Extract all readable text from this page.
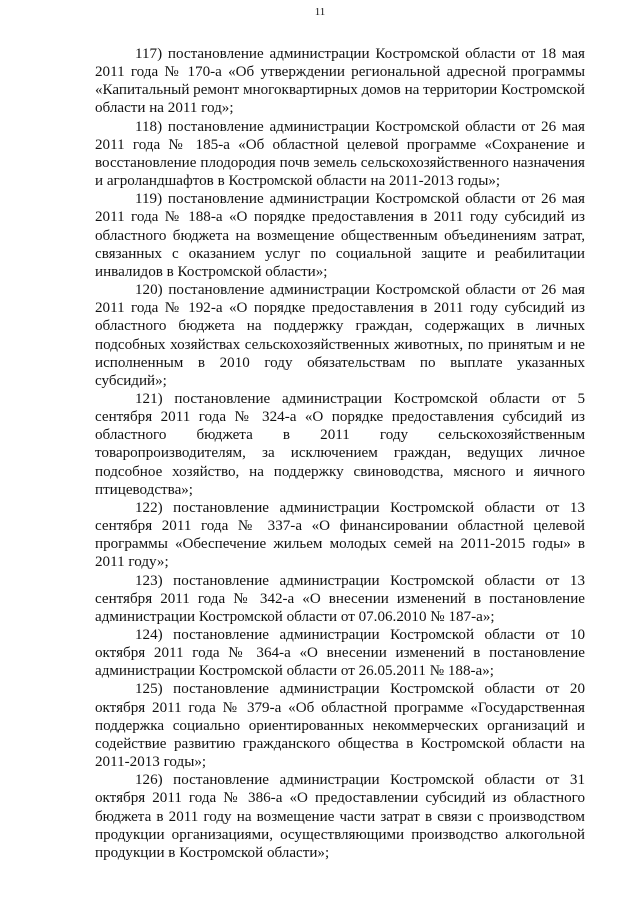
11

117) постановление администрации Костромской области от 18 мая 2011 года № 170-а «Об утверждении региональной адресной программы «Капитальный ремонт многоквартирных домов на территории Костромской области на 2011 год»;

118) постановление администрации Костромской области от 26 мая 2011 года № 185-а «Об областной целевой программе «Сохранение и восстановление плодородия почв земель сельскохозяйственного назначения и агроландшафтов в Костромской области на 2011-2013 годы»;

119) постановление администрации Костромской области от 26 мая 2011 года № 188-а «О порядке предоставления в 2011 году субсидий из областного бюджета на возмещение общественным объединениям затрат, связанных с оказанием услуг по социальной защите и реабилитации инвалидов в Костромской области»;

120) постановление администрации Костромской области от 26 мая 2011 года № 192-а «О порядке предоставления в 2011 году субсидий из областного бюджета на поддержку граждан, содержащих в личных подсобных хозяйствах сельскохозяйственных животных, по принятым и не исполненным в 2010 году обязательствам по выплате указанных субсидий»;

121) постановление администрации Костромской области от 5 сентября 2011 года № 324-а «О порядке предоставления субсидий из областного бюджета в 2011 году сельскохозяйственным товаропроизводителям, за исключением граждан, ведущих личное подсобное хозяйство, на поддержку свиноводства, мясного и яичного птицеводства»;

122) постановление администрации Костромской области от 13 сентября 2011 года № 337-а «О финансировании областной целевой программы «Обеспечение жильем молодых семей на 2011-2015 годы» в 2011 году»;

123) постановление администрации Костромской области от 13 сентября 2011 года № 342-а «О внесении изменений в постановление администрации Костромской области от 07.06.2010 № 187-а»;

124) постановление администрации Костромской области от 10 октября 2011 года № 364-а «О внесении изменений в постановление администрации Костромской области от 26.05.2011 № 188-а»;

125) постановление администрации Костромской области от 20 октября 2011 года № 379-а «Об областной программе «Государственная поддержка социально ориентированных некоммерческих организаций и содействие развитию гражданского общества в Костромской области на 2011-2013 годы»;

126) постановление администрации Костромской области от 31 октября 2011 года № 386-а «О предоставлении субсидий из областного бюджета в 2011 году на возмещение части затрат в связи с производством продукции организациями, осуществляющими производство алкогольной продукции в Костромской области»;
